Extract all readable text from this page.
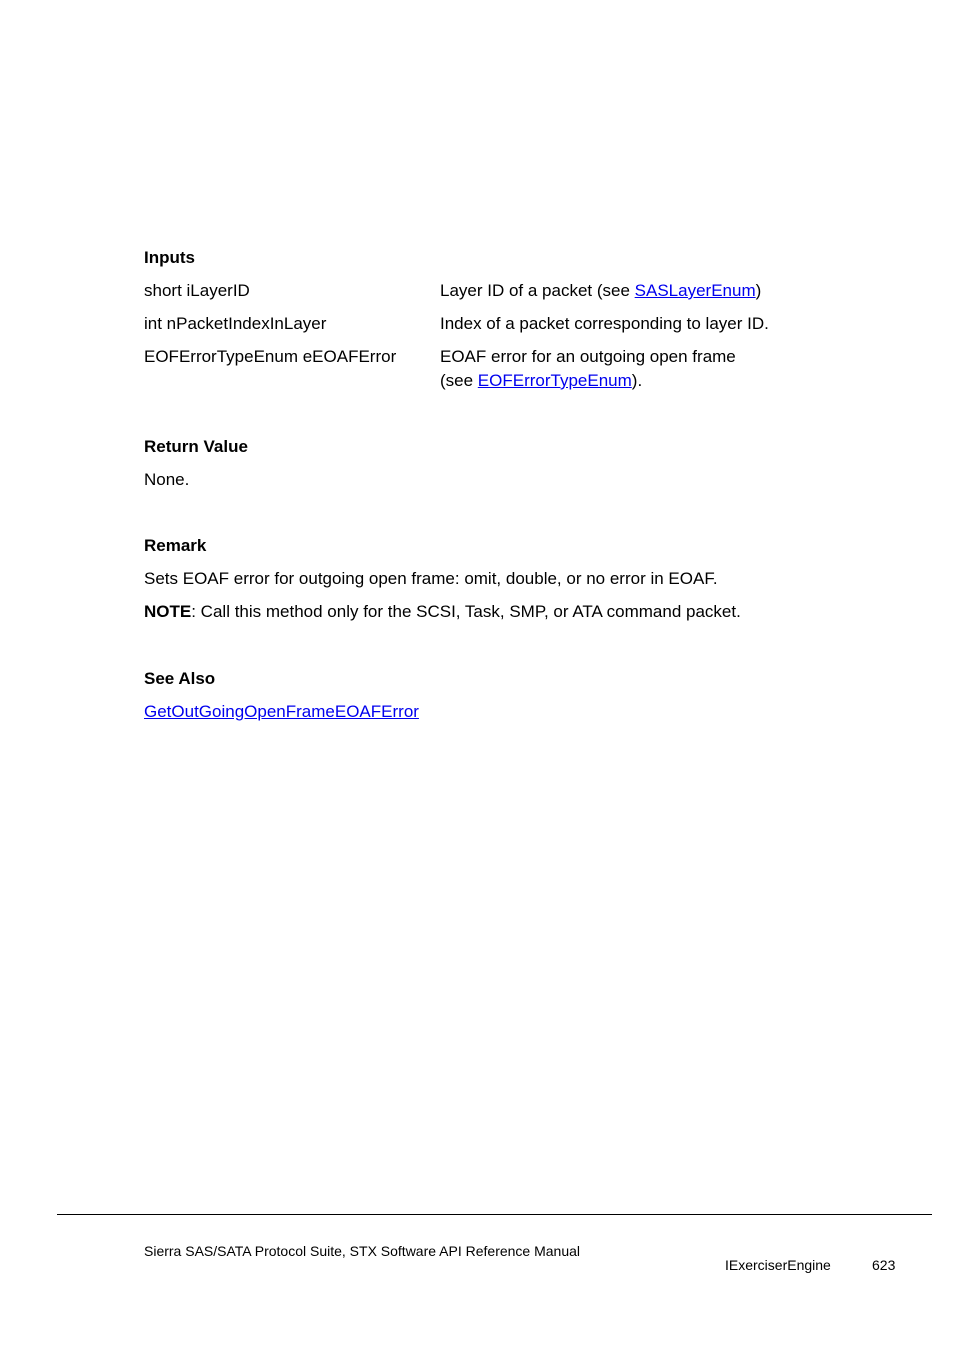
Inputs
short iLayerID	Layer ID of a packet (see SASLayerEnum)
int nPacketIndexInLayer	Index of a packet corresponding to layer ID.
EOFErrorTypeEnum eEOAFError	EOAF error for an outgoing open frame
(see EOFErrorTypeEnum).
Return Value
None.
Remark
Sets EOAF error for outgoing open frame: omit, double, or no error in EOAF.
NOTE: Call this method only for the SCSI, Task, SMP, or ATA command packet.
See Also
GetOutGoingOpenFrameEOAFError
Sierra SAS/SATA Protocol Suite, STX Software API Reference Manual
IExerciserEngine	623
